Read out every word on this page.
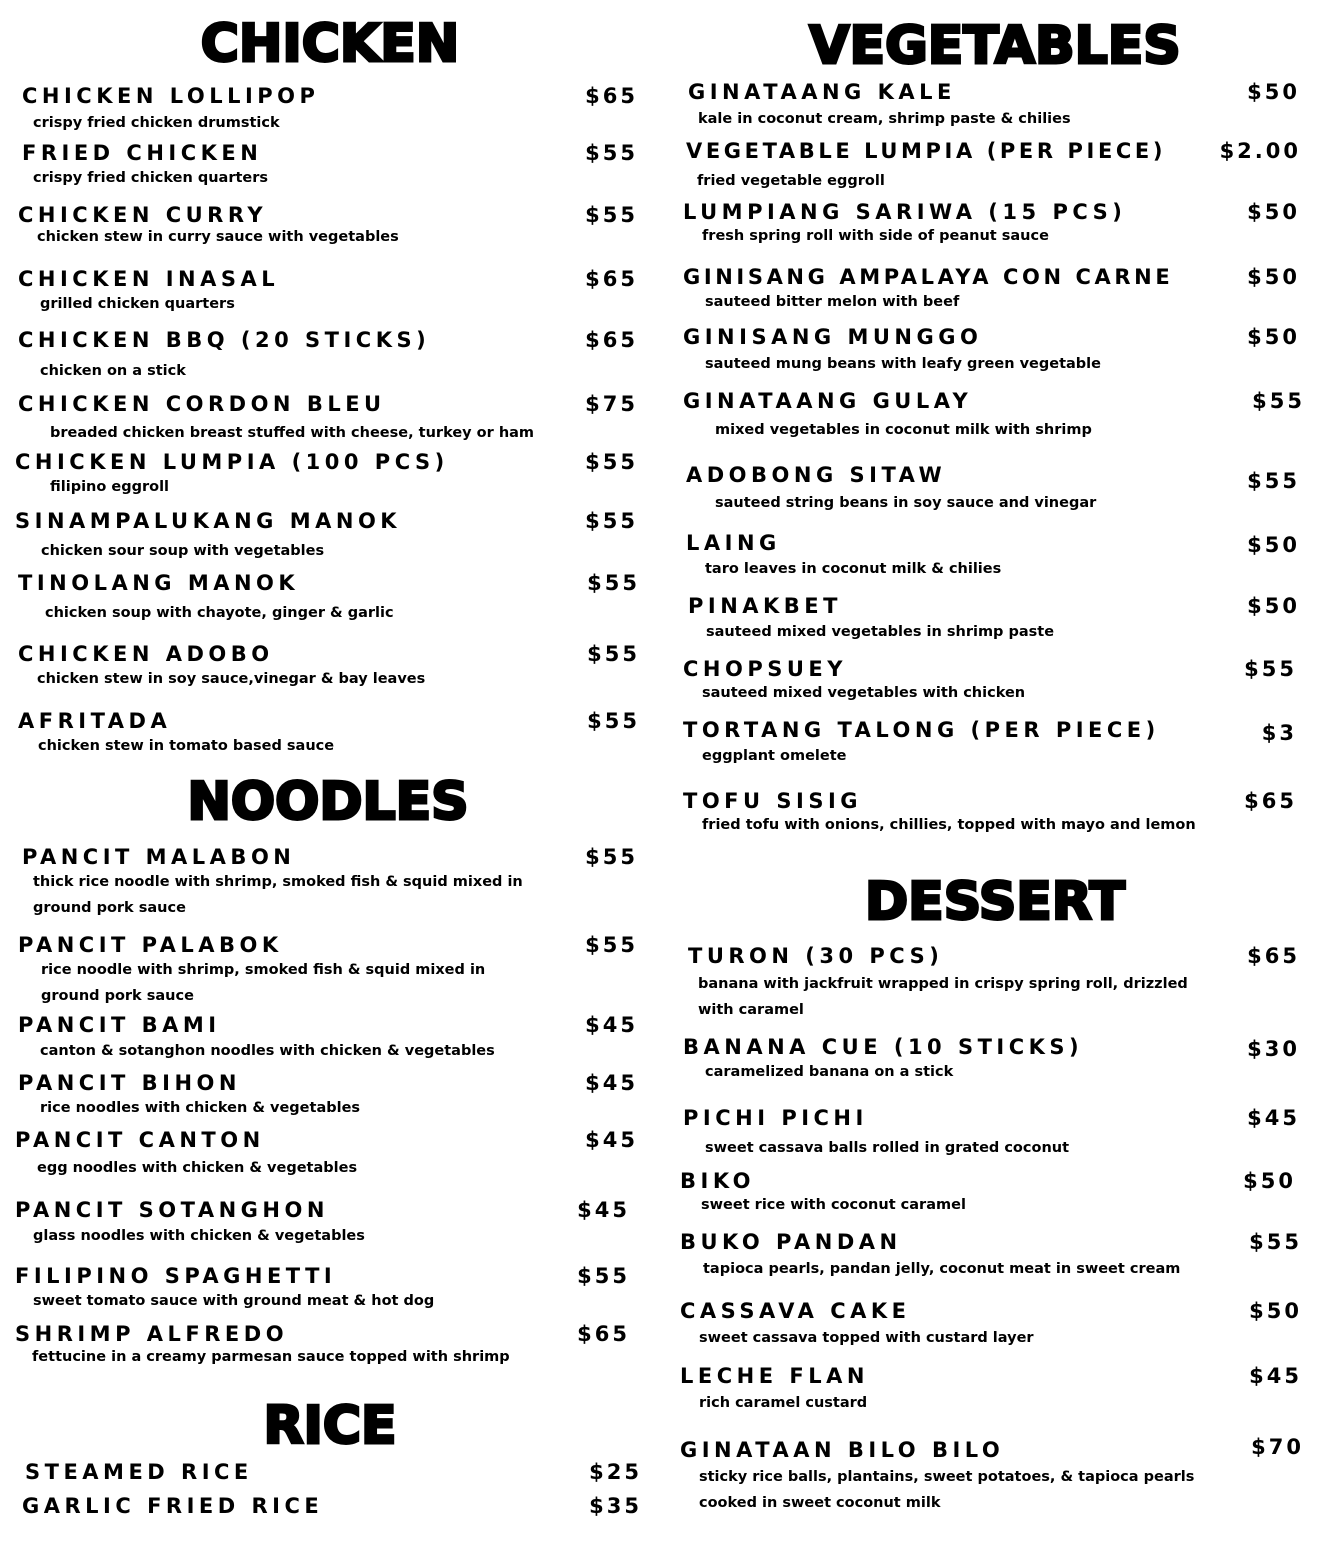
CHICKEN
CHICKEN LOLLIPOP	$65
crispy fried chicken drumstick
FRIED CHICKEN	$55
crispy fried chicken quarters
CHICKEN CURRY	$55
chicken stew in curry sauce with vegetables
CHICKEN INASAL	$65
grilled chicken quarters
CHICKEN BBQ (20 STICKS)	$65
chicken on a stick
CHICKEN CORDON BLEU	$75
breaded chicken breast stuffed with cheese, turkey or ham
CHICKEN LUMPIA (100 PCS)	$55
filipino eggroll
SINAMPALUKANG MANOK	$55
chicken sour soup with vegetables
TINOLANG MANOK	$55
chicken soup with chayote, ginger & garlic
CHICKEN ADOBO	$55
chicken stew in soy sauce,vinegar & bay leaves
AFRITADA	$55
chicken stew in tomato based sauce
NOODLES
PANCIT MALABON	$55
thick rice noodle with shrimp, smoked fish & squid mixed in ground pork sauce
PANCIT PALABOK	$55
rice noodle with shrimp, smoked fish & squid mixed in ground pork sauce
PANCIT BAMI	$45
canton & sotanghon noodles with chicken & vegetables
PANCIT BIHON	$45
rice noodles with chicken & vegetables
PANCIT CANTON	$45
egg noodles with chicken & vegetables
PANCIT SOTANGHON	$45
glass noodles with chicken & vegetables
FILIPINO SPAGHETTI	$55
sweet tomato sauce with ground meat & hot dog
SHRIMP ALFREDO	$65
fettucine in a creamy parmesan sauce topped with shrimp
RICE
STEAMED RICE	$25
GARLIC FRIED RICE	$35
VEGETABLES
GINATAANG KALE	$50
kale in coconut cream, shrimp paste & chilies
VEGETABLE LUMPIA (PER PIECE)	$2.00
fried vegetable eggroll
LUMPIANG SARIWA (15 PCS)	$50
fresh spring roll with side of peanut sauce
GINISANG AMPALAYA CON CARNE	$50
sauteed bitter melon with beef
GINISANG MUNGGO	$50
sauteed mung beans with leafy green vegetable
GINATAANG GULAY	$55
mixed vegetables in coconut milk with shrimp
ADOBONG SITAW	$55
sauteed string beans in soy sauce and vinegar
LAING	$50
taro leaves in coconut milk & chilies
PINAKBET	$50
sauteed mixed vegetables in shrimp paste
CHOPSUEY	$55
sauteed mixed vegetables with chicken
TORTANG TALONG (PER PIECE)	$3
eggplant omelete
TOFU SISIG	$65
fried tofu with onions, chillies, topped with mayo and lemon
DESSERT
TURON (30 PCS)	$65
banana with jackfruit wrapped in crispy spring roll, drizzled with caramel
BANANA CUE (10 STICKS)	$30
caramelized banana on a stick
PICHI PICHI	$45
sweet cassava balls rolled in grated coconut
BIKO	$50
sweet rice with coconut caramel
BUKO PANDAN	$55
tapioca pearls, pandan jelly, coconut meat in sweet cream
CASSAVA CAKE	$50
sweet cassava topped with custard layer
LECHE FLAN	$45
rich caramel custard
GINATAAN BILO BILO	$70
sticky rice balls, plantains, sweet potatoes, & tapioca pearls cooked in sweet coconut milk
